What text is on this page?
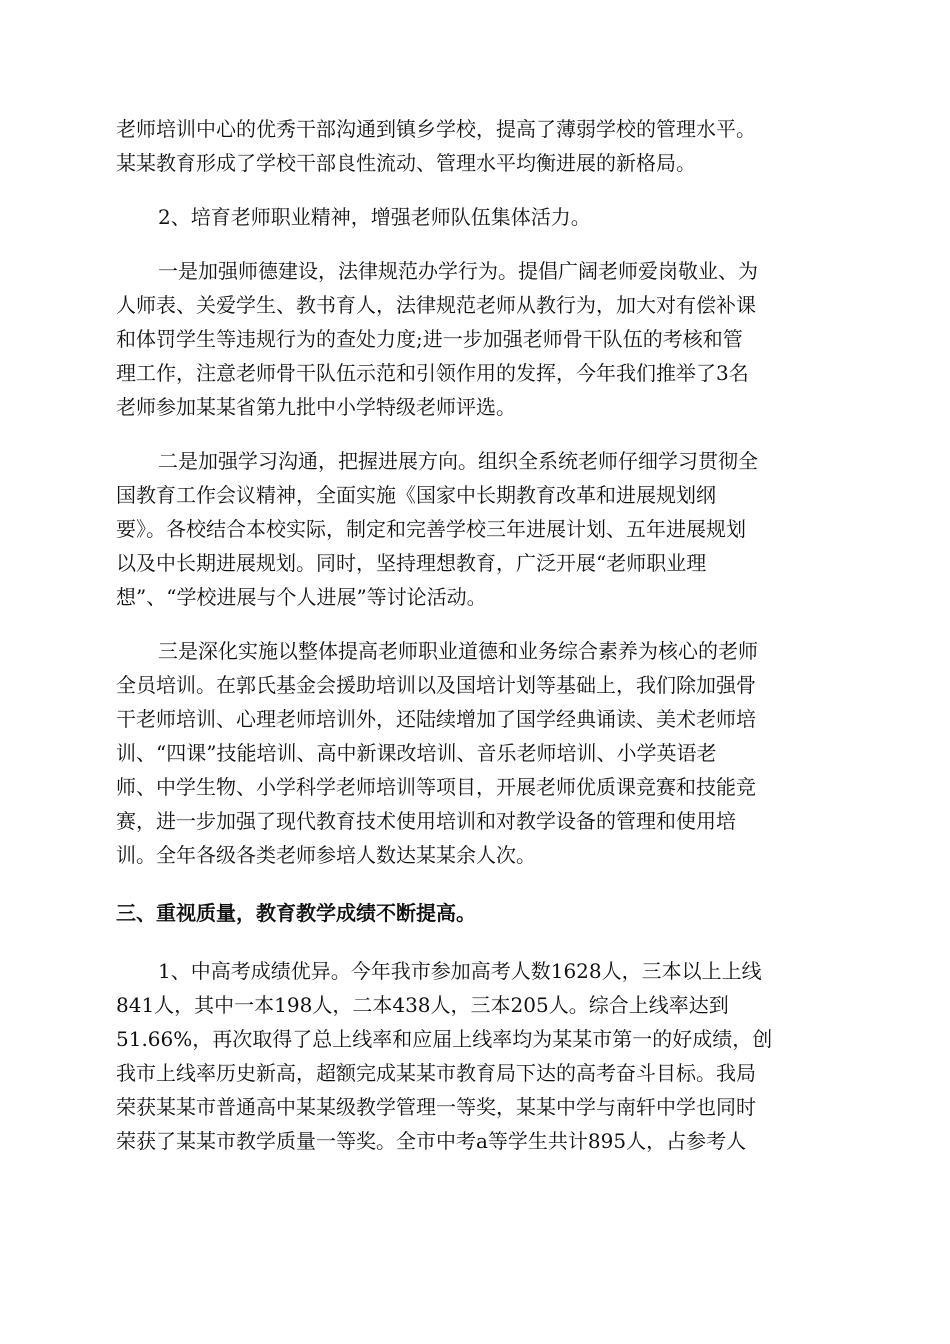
老师培训中心的优秀干部沟通到镇乡学校，提高了薄弱学校的管理水平。
某某教育形成了学校干部良性流动、管理水平均衡进展的新格局。
2、培育老师职业精神，增强老师队伍集体活力。
一是加强师德建设，法律规范办学行为。提倡广阔老师爱岗敬业、为
人师表、关爱学生、教书育人，法律规范老师从教行为，加大对有偿补课
和体罚学生等违规行为的查处力度;进一步加强老师骨干队伍的考核和管
理工作，注意老师骨干队伍示范和引领作用的发挥，今年我们推举了3名
老师参加某某省第九批中小学特级老师评选。
二是加强学习沟通，把握进展方向。组织全系统老师仔细学习贯彻全
国教育工作会议精神，全面实施《国家中长期教育改革和进展规划纲
要》。各校结合本校实际，制定和完善学校三年进展计划、五年进展规划
以及中长期进展规划。同时，坚持理想教育，广泛开展“老师职业理
想”、“学校进展与个人进展”等讨论活动。
三是深化实施以整体提高老师职业道德和业务综合素养为核心的老师
全员培训。在郭氏基金会援助培训以及国培计划等基础上，我们除加强骨
干老师培训、心理老师培训外，还陆续增加了国学经典诵读、美术老师培
训、“四课”技能培训、高中新课改培训、音乐老师培训、小学英语老
师、中学生物、小学科学老师培训等项目，开展老师优质课竞赛和技能竞
赛，进一步加强了现代教育技术使用培训和对教学设备的管理和使用培
训。全年各级各类老师参培人数达某某余人次。
三、重视质量，教育教学成绩不断提高。
1、中高考成绩优异。今年我市参加高考人数1628人，三本以上上线
841人，其中一本198人，二本438人，三本205人。综合上线率达到
51.66%，再次取得了总上线率和应届上线率均为某某市第一的好成绩，创
我市上线率历史新高，超额完成某某市教育局下达的高考奋斗目标。我局
荣获某某市普通高中某某级教学管理一等奖，某某中学与南轩中学也同时
荣获了某某市教学质量一等奖。全市中考a等学生共计895人，占参考人
